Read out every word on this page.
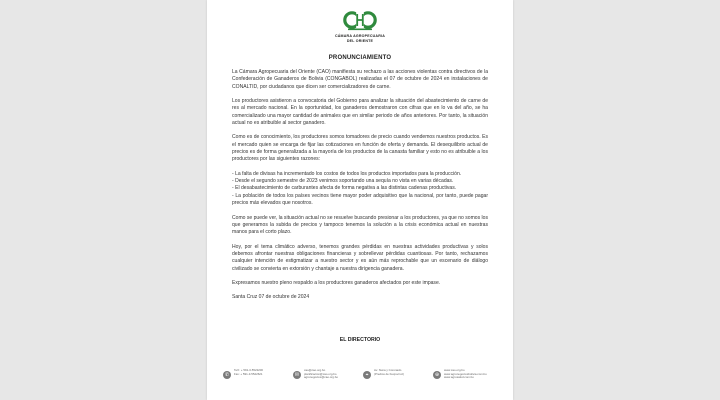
CÁMARA AGROPECUARIA
DEL ORIENTE
PRONUNCIAMIENTO

La Cámara Agropecuaria del Oriente (CAO) manifiesta su rechazo a las acciones violentas contra directivos de la Confederación de Ganaderos de Bolivia (CONGABOL) realizadas el 07 de octubre de 2024 en instalaciones de CONALTID, por ciudadanos que dicen ser comercializadores de carne.

Los productores asistieron a convocatoria del Gobierno para analizar la situación del abastecimiento de carne de res al mercado nacional. En la oportunidad, los ganaderos demostraron con cifras que en lo va del año, se ha comercializado una mayor cantidad de animales que en similar periodo de años anteriores. Por tanto, la situación actual no es atribuible al sector ganadero.

Como es de conocimiento, los productores somos tomadores de precio cuando vendemos nuestros productos. Es el mercado quien se encarga de fijar las cotizaciones en función de oferta y demanda. El desequilibrio actual de precios es de forma generalizada a la mayoría de los productos de la canasta familiar y esto no es atribuible a los productores por las siguientes razones:

- La falta de divisas ha incrementado los costos de todos los productos importados para la producción.

- Desde el segundo semestre de 2023 venimos soportando una sequía no vista en varias décadas.

- El desabastecimiento de carburantes afecta de forma negativa a las distintas cadenas productivas.

- La población de todos los países vecinos tiene mayor poder adquisitivo que la nacional, por tanto, puede pagar precios más elevados que nosotros.

Como se puede ver, la situación actual no se resuelve buscando presionar a los productores, ya que no somos los que generamos la subida de precios y tampoco tenemos la solución a la crisis económica actual en nuestras manos para el corto plazo.

Hoy, por el tema climático adverso, tenemos grandes pérdidas en nuestras actividades productivas y solos debemos afrontar nuestras obligaciones financieras y sobrellevar pérdidas cuantiosas. Por tanto, rechazamos cualquier intención de estigmatizar a nuestro sector y es aún más reprochable que un escenario de diálogo civilizado se convierta en extorsión y chantaje a nuestra dirigencia ganadera.

Expresamos nuestro pleno respaldo a los productores ganaderos afectados por este impase.

Santa Cruz 07 de octubre de 2024

EL DIRECTORIO
✆
Telf.: + 591-3-5522200
Fax: + 591-3-5522621	✉
cao@cao.org.bo
planificacion@cao.org.bo
agronegocios@cao.org.bo	⌖
Av. Nuna y Coronado
(Predios de Fexpocruz)	⊕
www.cao.org.bo
www.agronegociosbolivia.com.bo
www.agrosalud.com.bo
